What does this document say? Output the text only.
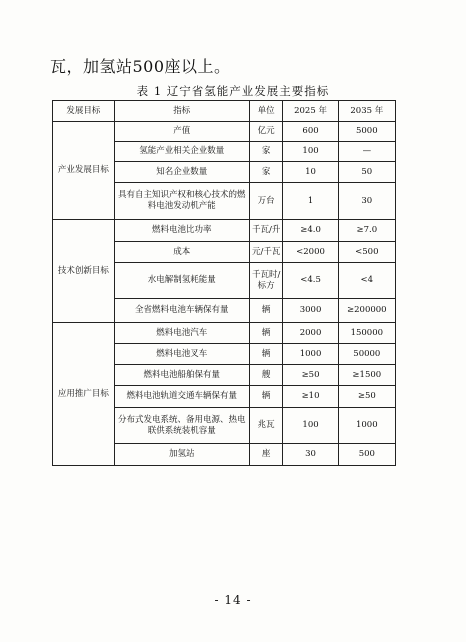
瓦，加氢站500座以上。
表 1 辽宁省氢能产业发展主要指标
发展目标	指标	单位	2025 年	2035 年
产业发展目标	产值	亿元	600	5000
	氢能产业相关企业数量	家	100	—
	知名企业数量	家	10	50
	具有自主知识产权和核心技术的燃料电池发动机产能	万台	1	30
技术创新目标	燃料电池比功率	千瓦/升	≥4.0	≥7.0
	成本	元/千瓦	<2000	<500
	水电解制氢耗能量	千瓦时/标方	<4.5	<4
	全省燃料电池车辆保有量	辆	3000	≥200000
应用推广目标	燃料电池汽车	辆	2000	150000
	燃料电池叉车	辆	1000	50000
	燃料电池船舶保有量	艘	≥50	≥1500
	燃料电池轨道交通车辆保有量	辆	≥10	≥50
	分布式发电系统、备用电源、热电联供系统装机容量	兆瓦	100	1000
	加氢站	座	30	500
- 14 -
